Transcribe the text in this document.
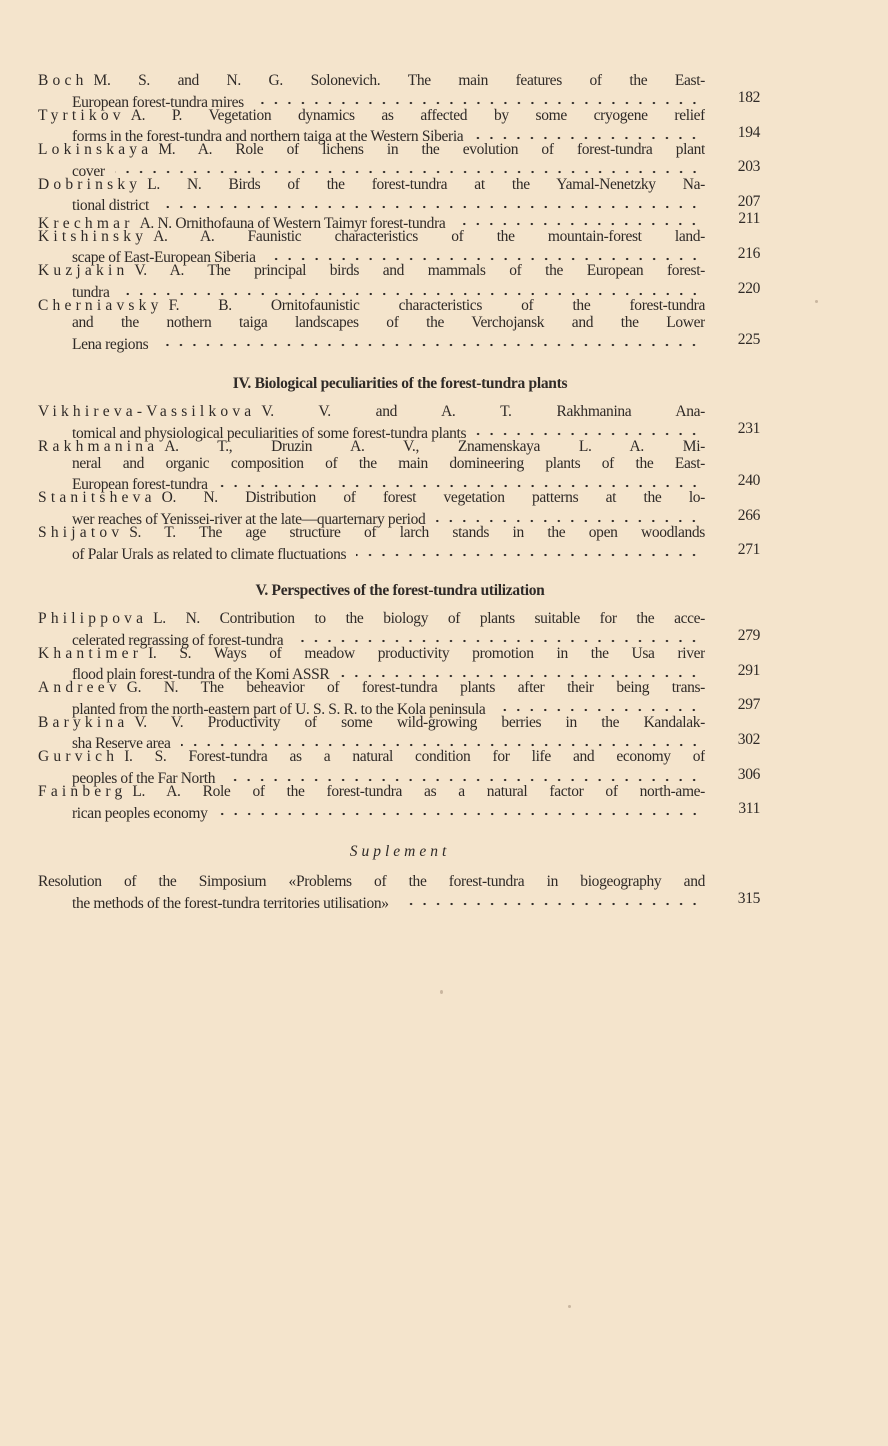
IV. Biological peculiarities of the forest-tundra plants
V. Perspectives of the forest-tundra utilization
Suplement
Boch M. S. and N. G. Solonevich. The main features of the East-
European forest-tundra mires	182
Tyrtikov A. P. Vegetation dynamics as affected by some cryogene relief
forms in the forest-tundra and northern taiga at the Western Siberia	194
Lokinskaya M. A. Role of lichens in the evolution of forest-tundra plant
cover	203
Dobrinsky L. N. Birds of the forest-tundra at the Yamal-Nenetzky Na-
tional district	207
Krechmar A. N. Ornithofauna of Western Taimyr forest-tundra	211
Kitshinsky A. A. Faunistic characteristics of the mountain-forest land-
scape of East-European Siberia	216
Kuzjakin V. A. The principal birds and mammals of the European forest-
tundra	220
Cherniavsky F. B. Ornitofaunistic characteristics of the forest-tundra
and the nothern taiga landscapes of the Verchojansk and the Lower
Lena regions	225
Vikhireva-Vassilkova V. V. and A. T. Rakhmanina Ana-
tomical and physiological peculiarities of some forest-tundra plants	231
Rakhmanina A. T., Druzin A. V., Znamenskaya L. A. Mi-
neral and organic composition of the main domineering plants of the East-
European forest-tundra	240
Stanitsheva O. N. Distribution of forest vegetation patterns at the lo-
wer reaches of Yenissei-river at the late—quarternary period	266
Shijatov S. T. The age structure of larch stands in the open woodlands
of Palar Urals as related to climate fluctuations	271
Philippova L. N. Contribution to the biology of plants suitable for the acce-
celerated regrassing of forest-tundra	279
Khantimer I. S. Ways of meadow productivity promotion in the Usa river
flood plain forest-tundra of the Komi ASSR	291
Andreev G. N. The beheavior of forest-tundra plants after their being trans-
planted from the north-eastern part of U. S. S. R. to the Kola peninsula	297
Barykina V. V. Productivity of some wild-growing berries in the Kandalak-
sha Reserve area	302
Gurvich I. S. Forest-tundra as a natural condition for life and economy of
peoples of the Far North	306
Fainberg L. A. Role of the forest-tundra as a natural factor of north-ame-
rican peoples economy	311
Resolution of the Simposium «Problems of the forest-tundra in biogeography and
the methods of the forest-tundra territories utilisation»	315
